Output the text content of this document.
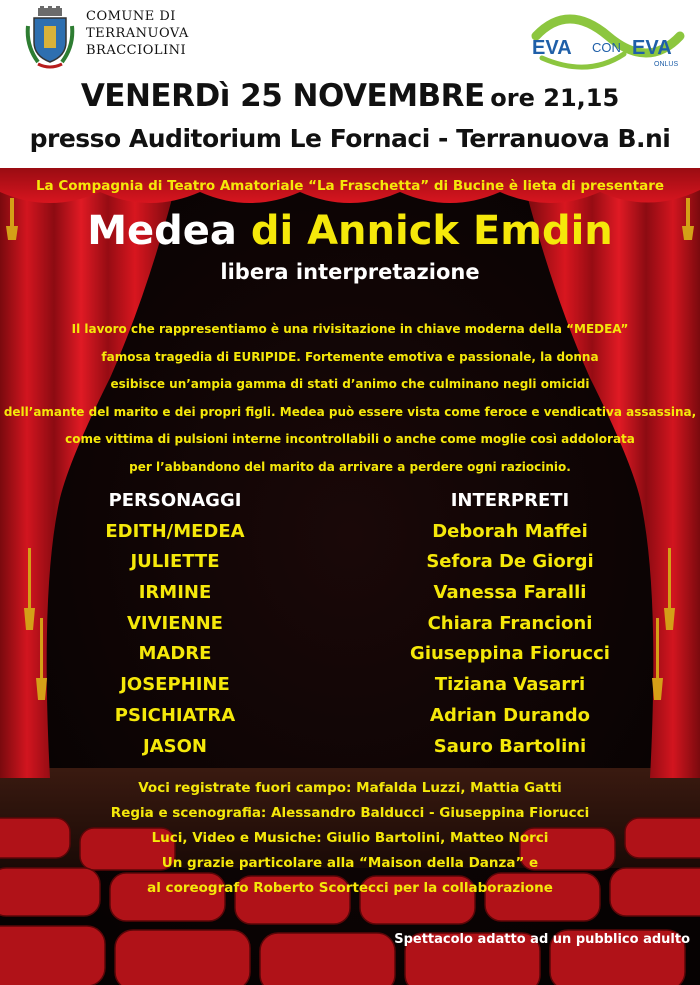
COMUNE DI
TERRANUOVA
BRACCIOLINI	EVA CON EVA
ONLUS
VENERDì 25 NOVEMBRE ore 21,15
presso Auditorium Le Fornaci - Terranuova B.ni
La Compagnia di Teatro Amatoriale “La Fraschetta” di Bucine è lieta di presentare
Medea di Annick Emdin
libera interpretazione
Il lavoro che rappresentiamo è una rivisitazione in chiave moderna della “MEDEA”
famosa tragedia di EURIPIDE. Fortemente emotiva e passionale, la donna
esibisce un’ampia gamma di stati d’animo che culminano negli omicidi
dell’amante del marito e dei propri figli. Medea può essere vista come feroce e vendicativa assassina,
come vittima di pulsioni interne incontrollabili o anche come moglie così addolorata
per l’abbandono del marito da arrivare a perdere ogni raziocinio.
PERSONAGGI
EDITH/MEDEA
JULIETTE
IRMINE
VIVIENNE
MADRE
JOSEPHINE
PSICHIATRA
JASON
INTERPRETI
Deborah Maffei
Sefora De Giorgi
Vanessa Faralli
Chiara Francioni
Giuseppina Fiorucci
Tiziana Vasarri
Adrian Durando
Sauro Bartolini
Voci registrate fuori campo: Mafalda Luzzi, Mattia Gatti
Regia e scenografia: Alessandro Balducci - Giuseppina Fiorucci
Luci, Video e Musiche: Giulio Bartolini, Matteo Norci
Un grazie particolare alla “Maison della Danza” e
al coreografo Roberto Scortecci per la collaborazione
Spettacolo adatto ad un pubblico adulto
